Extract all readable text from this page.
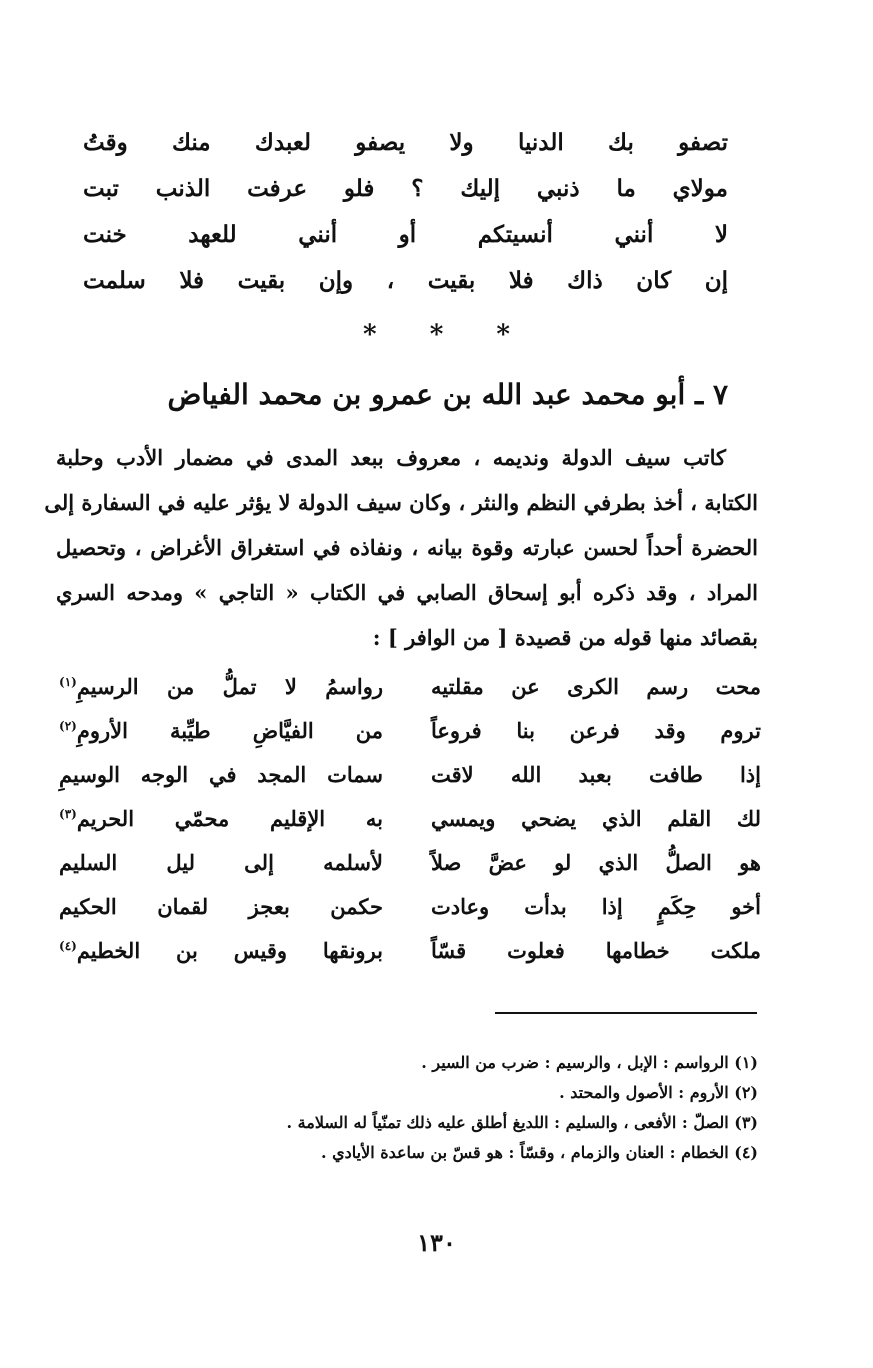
تصفو بك الدنيا ولا يصفو لعبدك منك وقتُ
مولاي ما ذنبي إليك ؟ فلو عرفت الذنب تبت
لا أنني أنسيتكم أو أنني للعهد خنت
إن كان ذاك فلا بقيت ، وإن بقيت فلا سلمت
* * *
٧ ـ أبو محمد عبد الله بن عمرو بن محمد الفياض
كاتب سيف الدولة ونديمه ، معروف ببعد المدى في مضمار الأدب وحلبة
الكتابة ، أخذ بطرفي النظم والنثر ، وكان سيف الدولة لا يؤثر عليه في السفارة إلى
الحضرة أحداً لحسن عبارته وقوة بيانه ، ونفاذه في استغراق الأغراض ، وتحصيل
المراد ، وقد ذكره أبو إسحاق الصابي في الكتاب « التاجي » ومدحه السري
بقصائد منها قوله من قصيدة [ من الوافر ] :
محت رسم الكرى عن مقلتيه
رواسمُ لا تملُّ من الرسيمِ$^{(١)}$
تروم وقد فرعن بنا فروعاً
من الفيَّاضِ طيِّبة الأرومِ$^{(٢)}$
إذا طافت بعبد الله لاقت
سمات المجد في الوجه الوسيمِ
لك القلم الذي يضحي ويمسي
به الإقليم محمّي الحريم$^{(٣)}$
هو الصلُّ الذي لو عضَّ صلاً
لأسلمه إلى ليل السليم
أخو حِكَمٍ إذا بدأت وعادت
حكمن بعجز لقمان الحكيم
ملكت خطامها فعلوت قسّاً
برونقها وقيس بن الخطيم$^{(٤)}$
(١) الرواسم : الإبل ، والرسيم : ضرب من السير .
(٢) الأروم : الأصول والمحتد .
(٣) الصلّ : الأفعى ، والسليم : اللديغ أطلق عليه ذلك تمنّياً له السلامة .
(٤) الخطام : العنان والزمام ، وقسّاً : هو قسّ بن ساعدة الأيادي .
١٣٠
